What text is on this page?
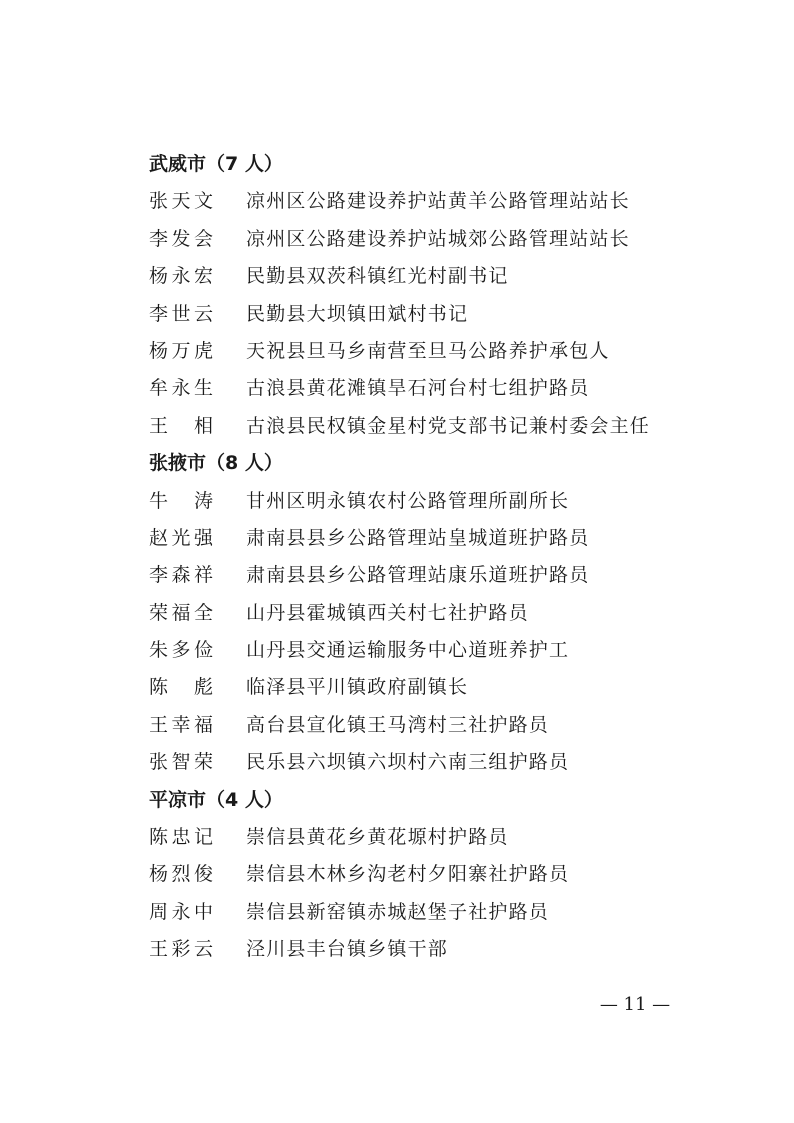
武威市（7 人）
张天文 凉州区公路建设养护站黄羊公路管理站站长
李发会 凉州区公路建设养护站城郊公路管理站站长
杨永宏 民勤县双茨科镇红光村副书记
李世云 民勤县大坝镇田斌村书记
杨万虎 天祝县旦马乡南营至旦马公路养护承包人
牟永生 古浪县黄花滩镇旱石河台村七组护路员
王相 古浪县民权镇金星村党支部书记兼村委会主任
张掖市（8 人）
牛涛 甘州区明永镇农村公路管理所副所长
赵光强 肃南县县乡公路管理站皇城道班护路员
李森祥 肃南县县乡公路管理站康乐道班护路员
荣福全 山丹县霍城镇西关村七社护路员
朱多俭 山丹县交通运输服务中心道班养护工
陈彪 临泽县平川镇政府副镇长
王幸福 高台县宣化镇王马湾村三社护路员
张智荣 民乐县六坝镇六坝村六南三组护路员
平凉市（4 人）
陈忠记 崇信县黄花乡黄花塬村护路员
杨烈俊 崇信县木林乡沟老村夕阳寨社护路员
周永中 崇信县新窑镇赤城赵堡子社护路员
王彩云 泾川县丰台镇乡镇干部
— 11 —
